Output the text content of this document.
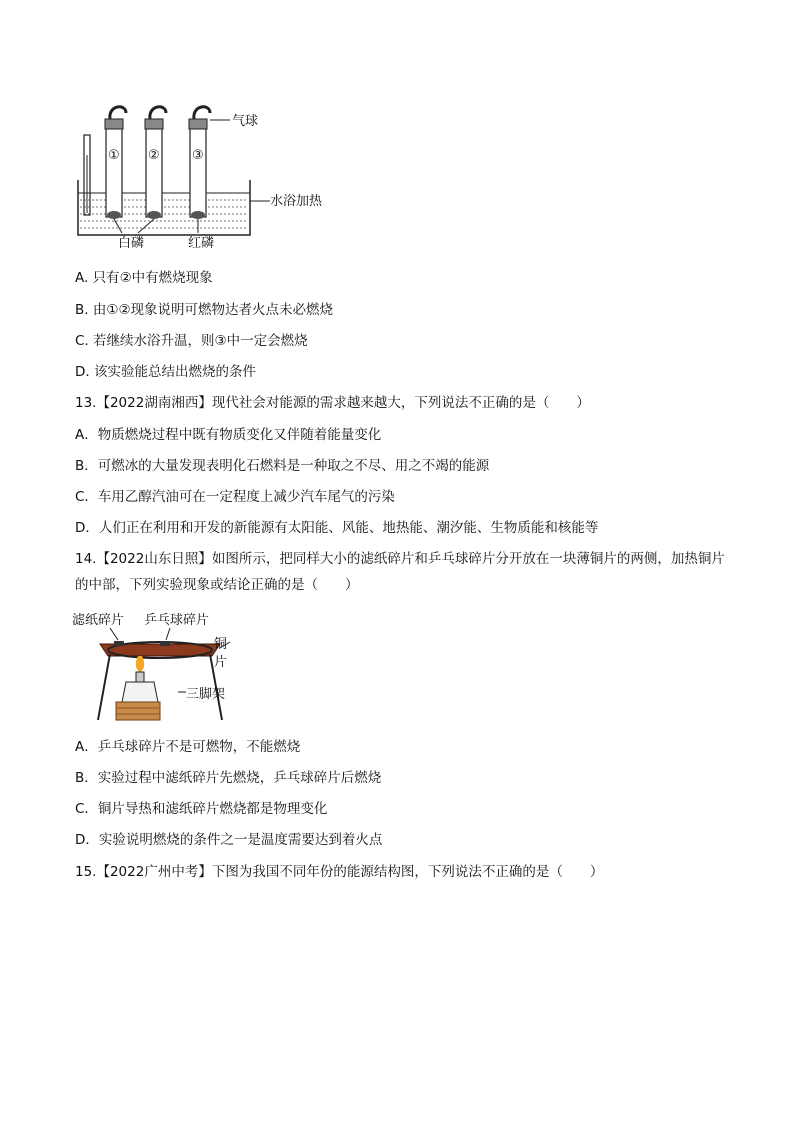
① ② ③
气球
水浴加热
白磷	红磷
A. 只有②中有燃烧现象
B. 由①②现象说明可燃物达者火点未必燃烧
C. 若继续水浴升温，则③中一定会燃烧
D. 该实验能总结出燃烧的条件
13.【2022湖南湘西】现代社会对能源的需求越来越大，下列说法不正确的是（　　）
A．物质燃烧过程中既有物质变化又伴随着能量变化
B．可燃冰的大量发现表明化石燃料是一种取之不尽、用之不竭的能源
C．车用乙醇汽油可在一定程度上减少汽车尾气的污染
D．人们正在利用和开发的新能源有太阳能、风能、地热能、潮汐能、生物质能和核能等
14.【2022山东日照】如图所示，把同样大小的滤纸碎片和乒乓球碎片分开放在一块薄铜片的两侧，加热铜片的中部，下列实验现象或结论正确的是（　　）
滤纸碎片 乒乓球碎片
铜
片
三脚架
A．乒乓球碎片不是可燃物，不能燃烧
B．实验过程中滤纸碎片先燃烧，乒乓球碎片后燃烧
C．铜片导热和滤纸碎片燃烧都是物理变化
D．实验说明燃烧的条件之一是温度需要达到着火点
15.【2022广州中考】下图为我国不同年份的能源结构图，下列说法不正确的是（　　）
